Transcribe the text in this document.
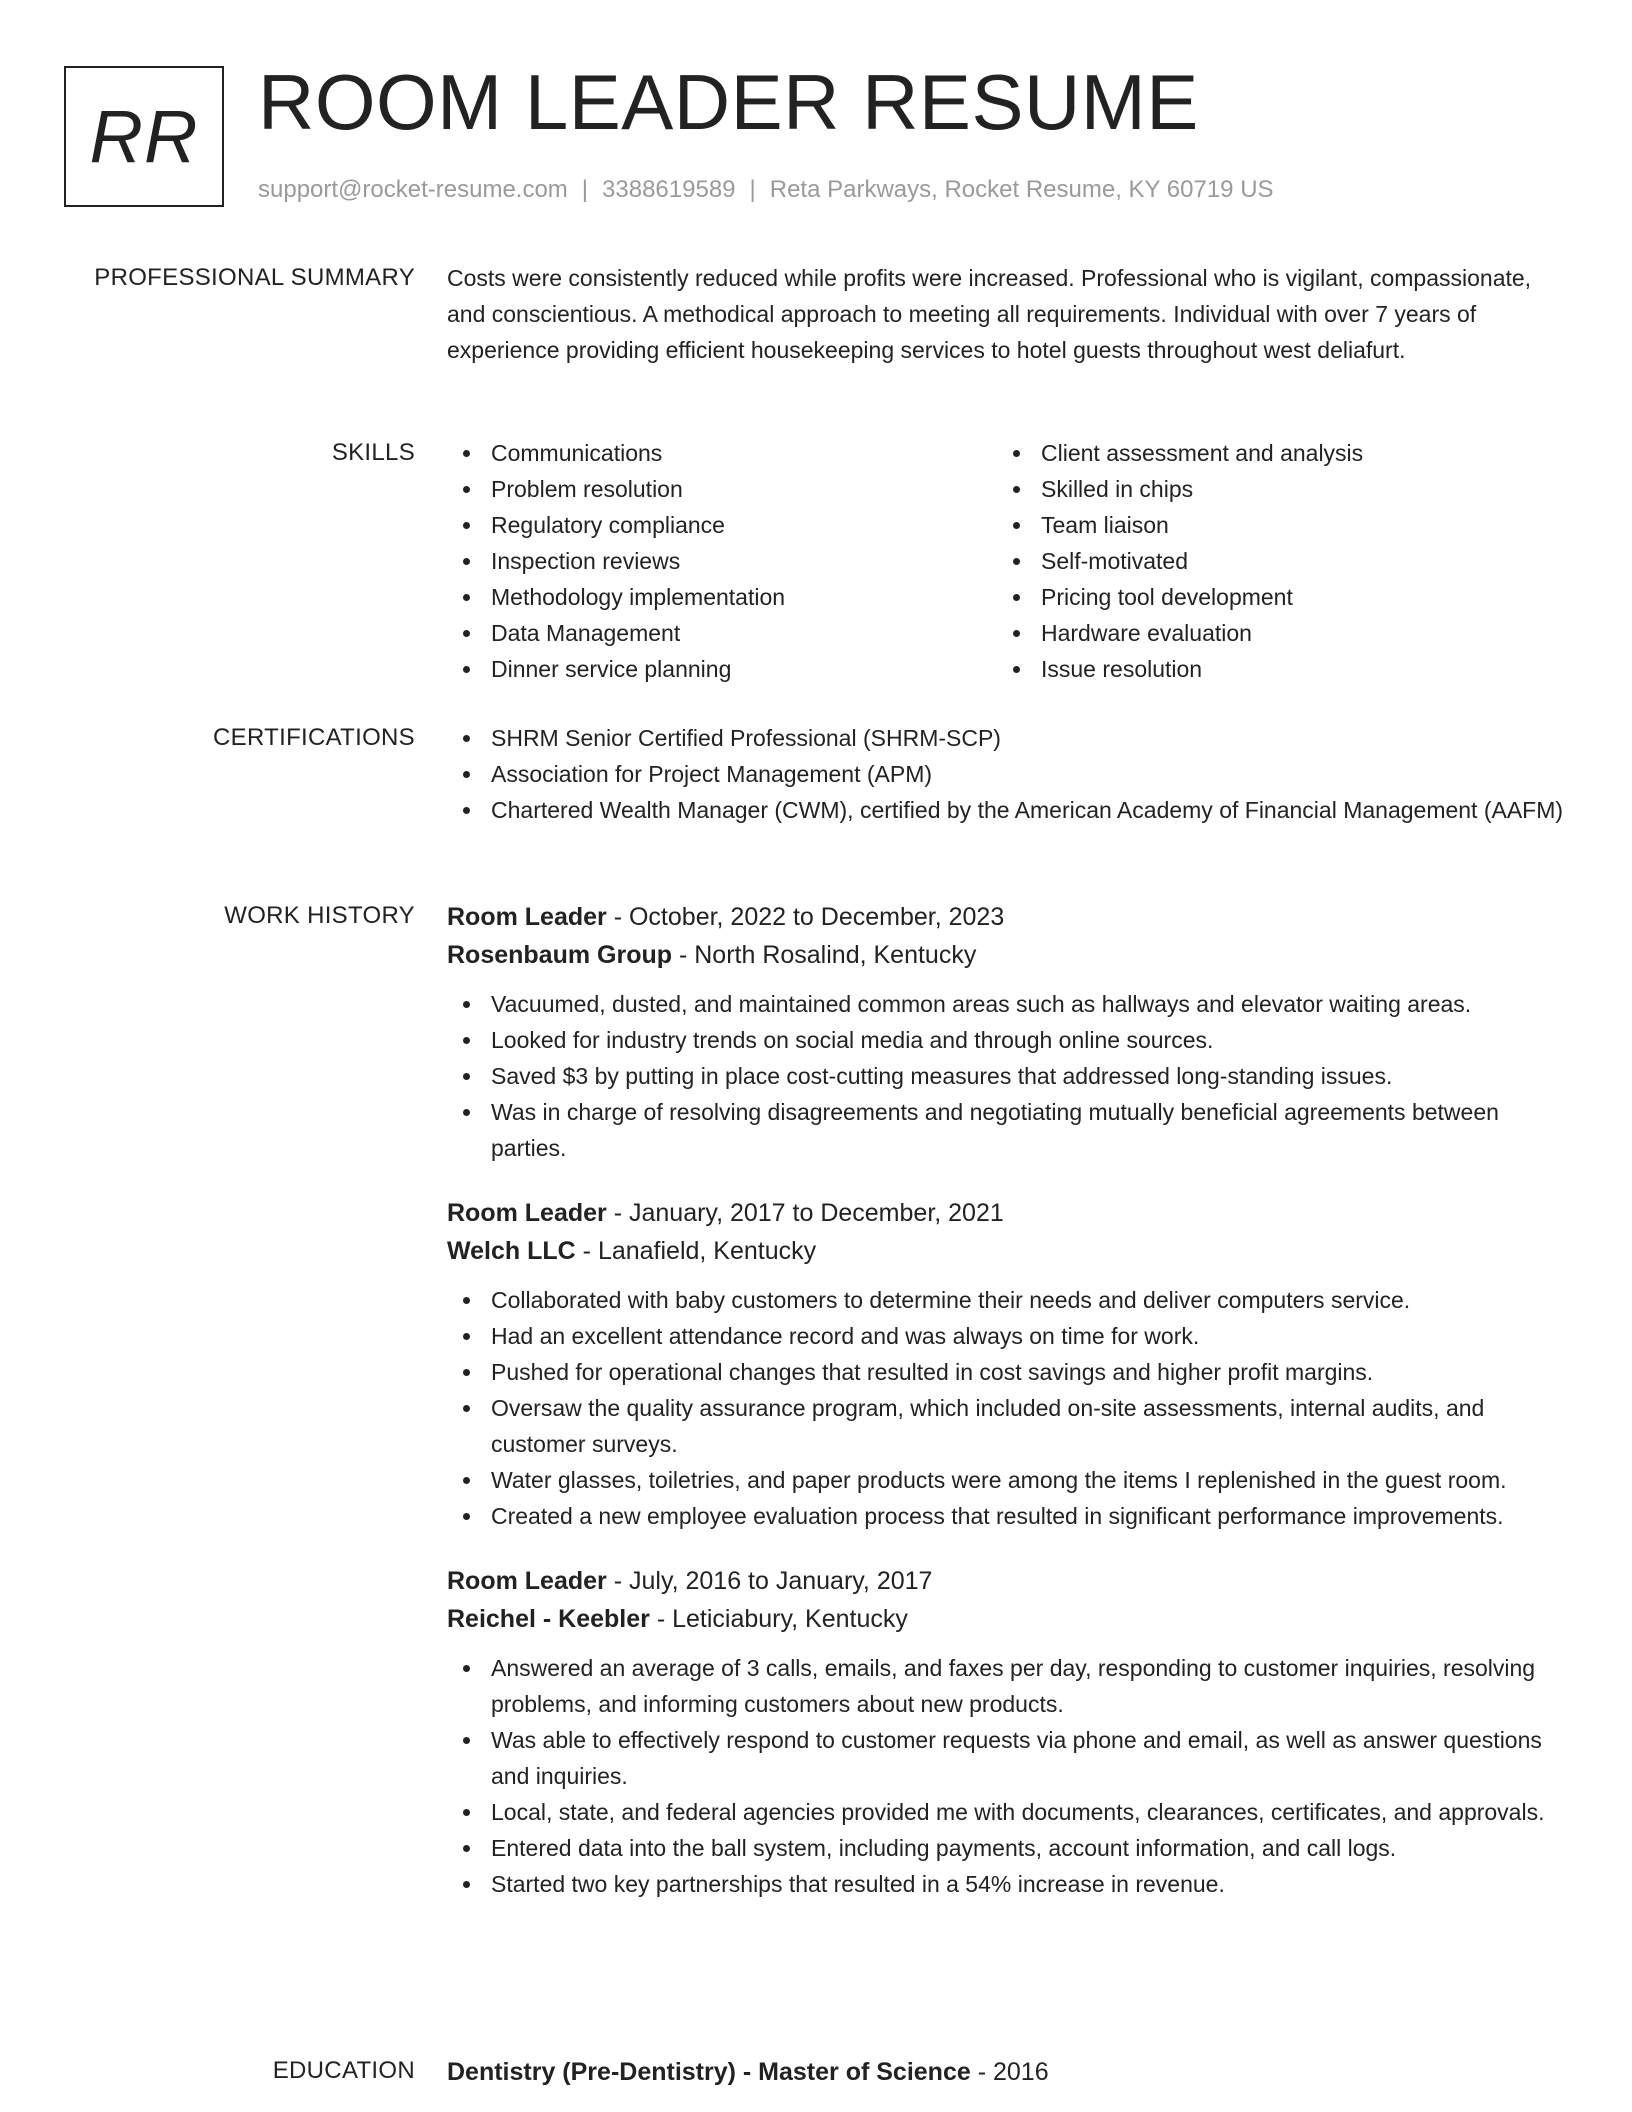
RR ROOM LEADER RESUME
support@rocket-resume.com | 3388619589 | Reta Parkways, Rocket Resume, KY 60719 US
PROFESSIONAL SUMMARY Costs were consistently reduced while profits were increased. Professional who is vigilant, compassionate, and conscientious. A methodical approach to meeting all requirements. Individual with over 7 years of experience providing efficient housekeeping services to hotel guests throughout west deliafurt.

SKILLS	Communications
Problem resolution
Regulatory compliance
Inspection reviews
Methodology implementation
Data Management
Dinner service planning
Client assessment and analysis
Skilled in chips
Team liaison
Self-motivated
Pricing tool development
Hardware evaluation
Issue resolution
CERTIFICATIONS	SHRM Senior Certified Professional (SHRM-SCP)
Association for Project Management (APM)
Chartered Wealth Manager (CWM), certified by the American Academy of Financial Management (AAFM)
WORK HISTORY Room Leader - October, 2022 to December, 2023
Rosenbaum Group - North Rosalind, Kentucky
Vacuumed, dusted, and maintained common areas such as hallways and elevator waiting areas.
Looked for industry trends on social media and through online sources.
Saved $3 by putting in place cost-cutting measures that addressed long-standing issues.
Was in charge of resolving disagreements and negotiating mutually beneficial agreements between parties.
Room Leader - January, 2017 to December, 2021
Welch LLC - Lanafield, Kentucky
Collaborated with baby customers to determine their needs and deliver computers service.
Had an excellent attendance record and was always on time for work.
Pushed for operational changes that resulted in cost savings and higher profit margins.
Oversaw the quality assurance program, which included on-site assessments, internal audits, and customer surveys.
Water glasses, toiletries, and paper products were among the items I replenished in the guest room.
Created a new employee evaluation process that resulted in significant performance improvements.
Room Leader - July, 2016 to January, 2017
Reichel - Keebler - Leticiabury, Kentucky
Answered an average of 3 calls, emails, and faxes per day, responding to customer inquiries, resolving problems, and informing customers about new products.
Was able to effectively respond to customer requests via phone and email, as well as answer questions and inquiries.
Local, state, and federal agencies provided me with documents, clearances, certificates, and approvals.
Entered data into the ball system, including payments, account information, and call logs.
Started two key partnerships that resulted in a 54% increase in revenue.
EDUCATION Dentistry (Pre-Dentistry) - Master of Science - 2016
